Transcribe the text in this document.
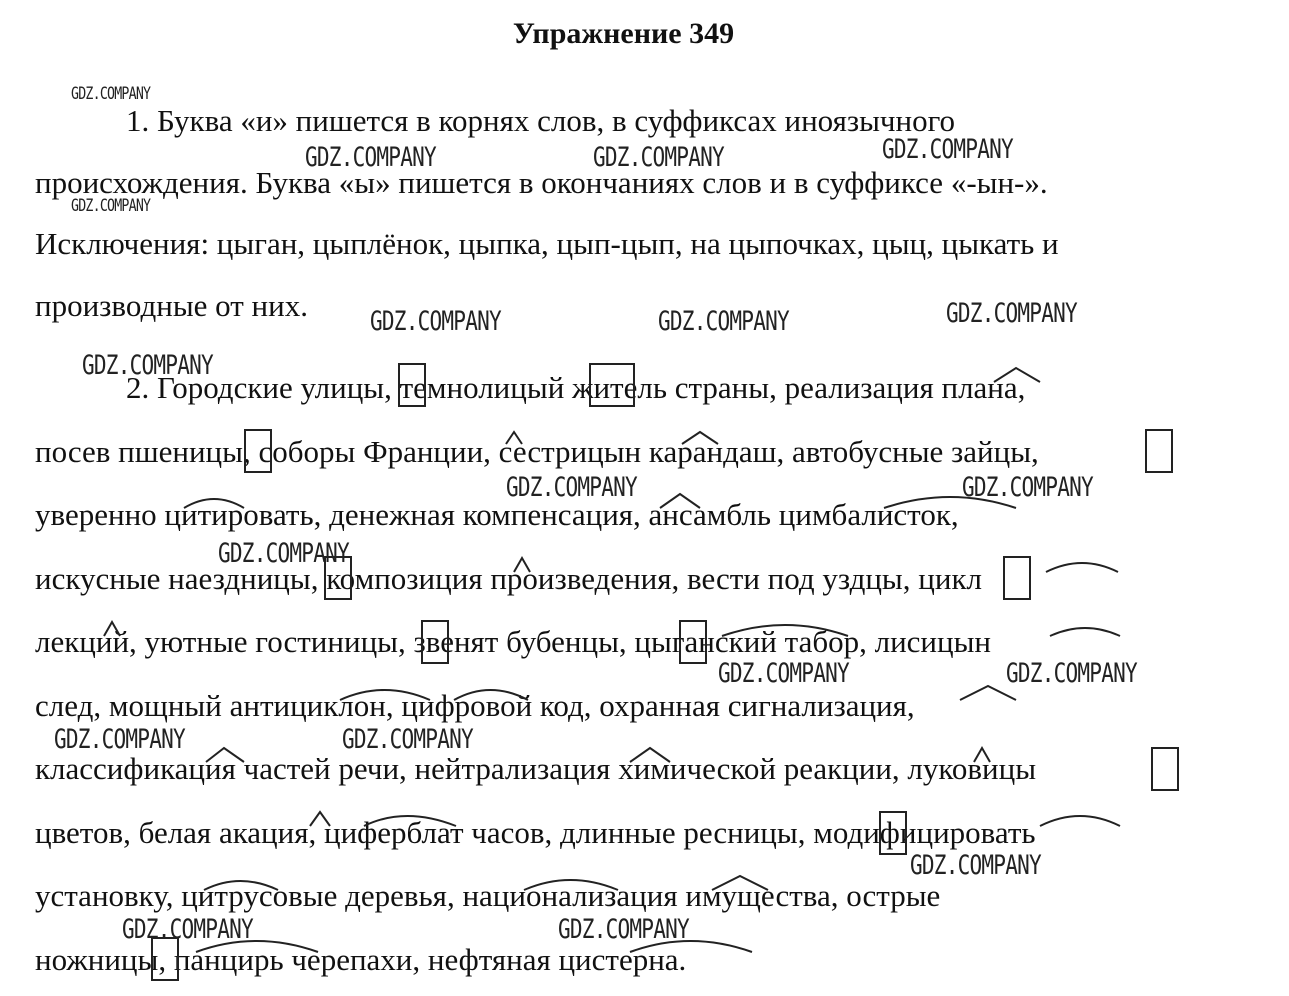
Упражнение 349
1. Буква «и» пишется в корнях слов, в суффиксах иноязычного
происхождения. Буква «ы» пишется в окончаниях слов и в суффиксе «-ын-».
Исключения: цыган, цыплёнок, цыпка, цып-цып, на цыпочках, цыц, цыкать и
производные от них.
2. Городские улицы, темнолицый житель страны, реализация плана,
посев пшеницы, соборы Франции, сестрицын карандаш, автобусные зайцы,
уверенно цитировать, денежная компенсация, ансамбль цимбалисток,
искусные наездницы, композиция произведения, вести под уздцы, цикл
лекций, уютные гостиницы, звенят бубенцы, цыганский табор, лисицын
след, мощный антициклон, цифровой код, охранная сигнализация,
классификация частей речи, нейтрализация химической реакции, луковицы
цветов, белая акация, циферблат часов, длинные ресницы, модифицировать
установку, цитрусовые деревья, национализация имущества, острые
ножницы, панцирь черепахи, нефтяная цистерна.
GDZ.COMPANY
GDZ.COMPANY
GDZ.COMPANY	GDZ.COMPANY	GDZ.COMPANY
GDZ.COMPANY	GDZ.COMPANY	GDZ.COMPANY
GDZ.COMPANY
GDZ.COMPANY	GDZ.COMPANY
GDZ.COMPANY
GDZ.COMPANY	GDZ.COMPANY
GDZ.COMPANY	GDZ.COMPANY
GDZ.COMPANY
GDZ.COMPANY	GDZ.COMPANY
